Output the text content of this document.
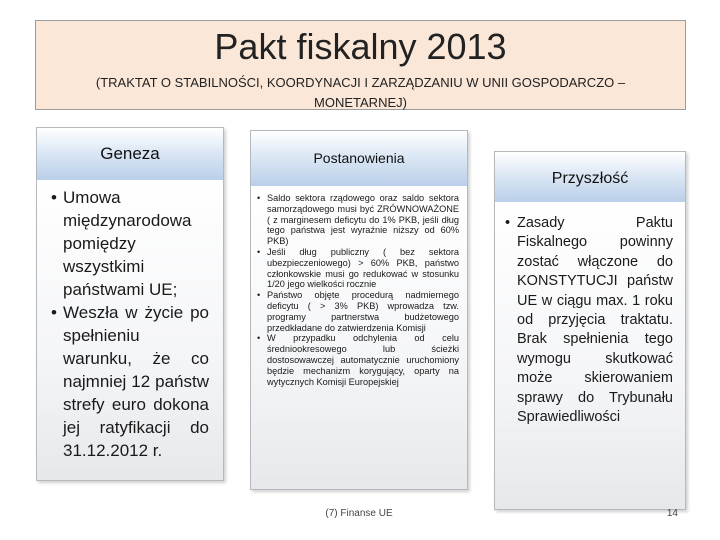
Pakt fiskalny 2013
(TRAKTAT O STABILNOŚCI, KOORDYNACJI I ZARZĄDZANIU W UNII GOSPODARCZO – MONETARNEJ)
Geneza
• Umowa międzynarodowa pomiędzy wszystkimi państwami UE;
• Weszła w życie po spełnieniu warunku, że co najmniej 12 państw strefy euro dokona jej ratyfikacji do 31.12.2012 r.
Postanowienia
• Saldo sektora rządowego oraz saldo sektora samorządowego musi być ZRÓWNOWAŻONE ( z marginesem deficytu do 1% PKB, jeśli dług tego państwa jest wyraźnie niższy od 60% PKB)
• Jeśli dług publiczny ( bez sektora ubezpieczeniowego) > 60% PKB, państwo członkowskie musi go redukować w stosunku 1/20 jego wielkości rocznie
• Państwo objęte procedurą nadmiernego deficytu ( > 3% PKB) wprowadza tzw. programy partnerstwa budżetowego przedkładane do zatwierdzenia Komisji
• W przypadku odchylenia od celu średniookresowego lub ścieżki dostosowawczej automatycznie uruchomiony będzie mechanizm korygujący, oparty na wytycznych Komisji Europejskiej
Przyszłość
• Zasady Paktu Fiskalnego powinny zostać włączone do KONSTYTUCJI państw UE w ciągu max. 1 roku od przyjęcia traktatu. Brak spełnienia tego wymogu skutkować może skierowaniem sprawy do Trybunału Sprawiedliwości
(7) Finanse UE	14
